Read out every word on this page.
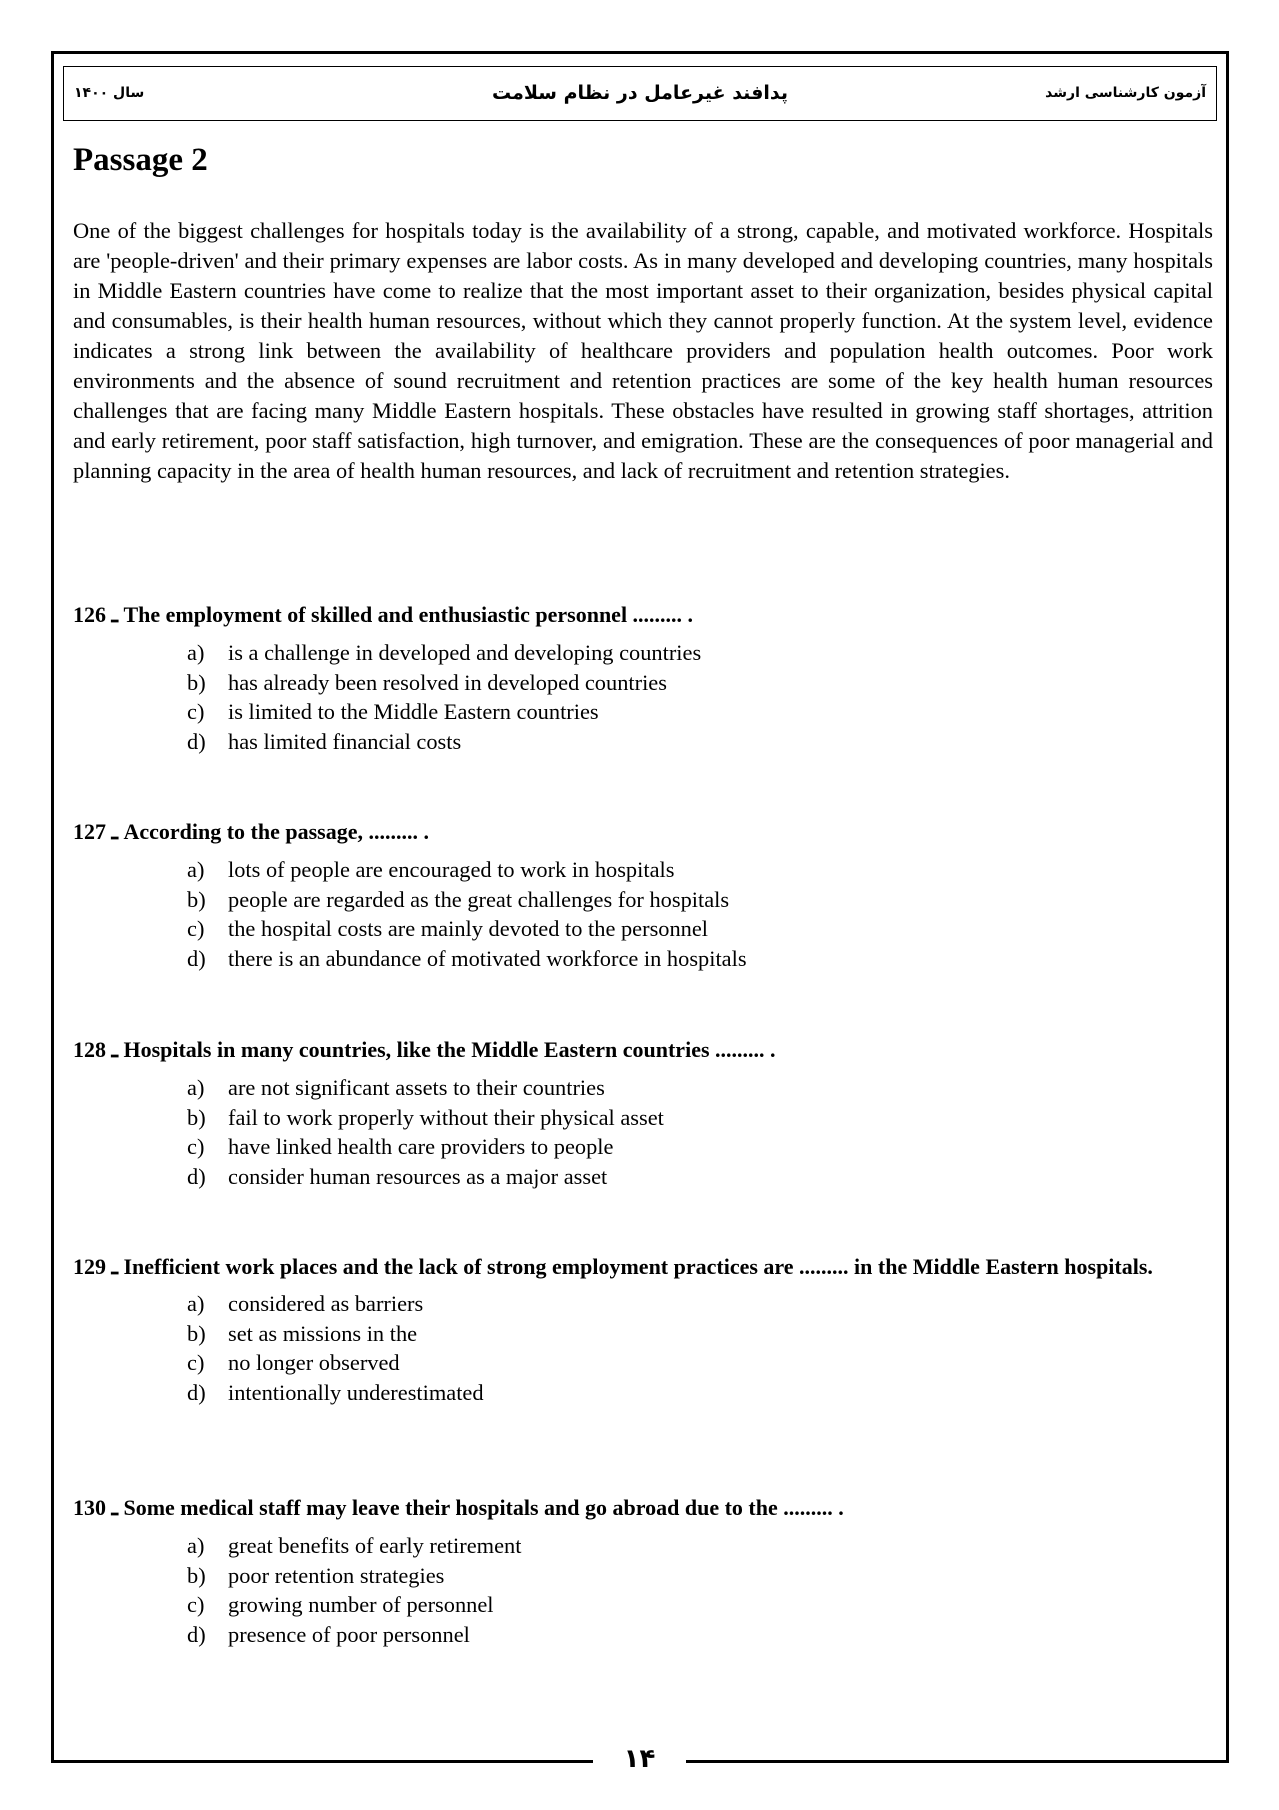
۱۴
آزمون کارشناسی ارشد
پدافند غیرعامل در نظام سلامت
سال ۱۴۰۰
Passage 2

One of the biggest challenges for hospitals today is the availability of a strong, capable, and motivated workforce. Hospitals are 'people-driven' and their primary expenses are labor costs. As in many developed and developing countries, many hospitals in Middle Eastern countries have come to realize that the most important asset to their organization, besides physical capital and consumables, is their health human resources, without which they cannot properly function. At the system level, evidence indicates a strong link between the availability of healthcare providers and population health outcomes. Poor work environments and the absence of sound recruitment and retention practices are some of the key health human resources challenges that are facing many Middle Eastern hospitals. These obstacles have resulted in growing staff shortages, attrition and early retirement, poor staff satisfaction, high turnover, and emigration. These are the consequences of poor managerial and planning capacity in the area of health human resources, and lack of recruitment and retention strategies.

126 ـ The employment of skilled and enthusiastic personnel ......... .

a) is a challenge in developed and developing countries
b) has already been resolved in developed countries
c) is limited to the Middle Eastern countries
d) has limited financial costs

127 ـ According to the passage, ......... .

a) lots of people are encouraged to work in hospitals
b) people are regarded as the great challenges for hospitals
c) the hospital costs are mainly devoted to the personnel
d) there is an abundance of motivated workforce in hospitals

128 ـ Hospitals in many countries, like the Middle Eastern countries ......... .

a) are not significant assets to their countries
b) fail to work properly without their physical asset
c) have linked health care providers to people
d) consider human resources as a major asset

129 ـ Inefficient work places and the lack of strong employment practices are ......... in the Middle Eastern hospitals.

a) considered as barriers
b) set as missions in the
c) no longer observed
d) intentionally underestimated

130 ـ Some medical staff may leave their hospitals and go abroad due to the ......... .

a) great benefits of early retirement
b) poor retention strategies
c) growing number of personnel
d) presence of poor personnel
